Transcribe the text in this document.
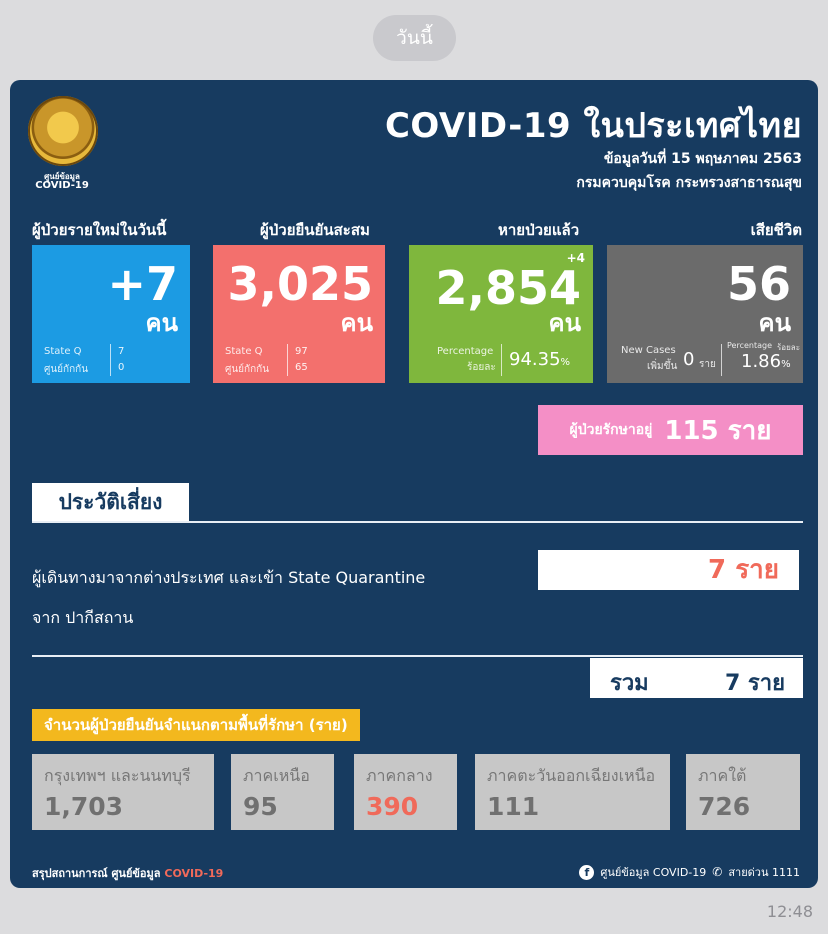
วันนี้
ศูนย์ข้อมูล
COVID-19
COVID-19 ในประเทศไทย
ข้อมูลวันที่ 15 พฤษภาคม 2563
กรมควบคุมโรค กระทรวงสาธารณสุข
ผู้ป่วยรายใหม่ในวันนี้	ผู้ป่วยยืนยันสะสม	หายป่วยแล้ว	เสียชีวิต
+7
คน
State Q	7
ศูนย์กักกัน	0
3,025
คน
State Q	97
ศูนย์กักกัน	65
+4
2,854
คน
Percentage
ร้อยละ 94.35%
56
คน
New Cases
เพิ่มขึ้น 0 ราย
Percentage ร้อยละ
1.86%
ผู้ป่วยรักษาอยู่ 115 ราย
ประวัติเสี่ยง
ผู้เดินทางมาจากต่างประเทศ และเข้า State Quarantine
จาก ปากีสถาน
7 ราย
รวม	7 ราย
จำนวนผู้ป่วยยืนยันจำแนกตามพื้นที่รักษา (ราย)
กรุงเทพฯ และนนทบุรี
1,703
ภาคเหนือ
95
ภาคกลาง
390
ภาคตะวันออกเฉียงเหนือ
111
ภาคใต้
726
สรุปสถานการณ์ ศูนย์ข้อมูล COVID-19	f	ศูนย์ข้อมูล COVID-19 ✆ สายด่วน 1111
12:48
